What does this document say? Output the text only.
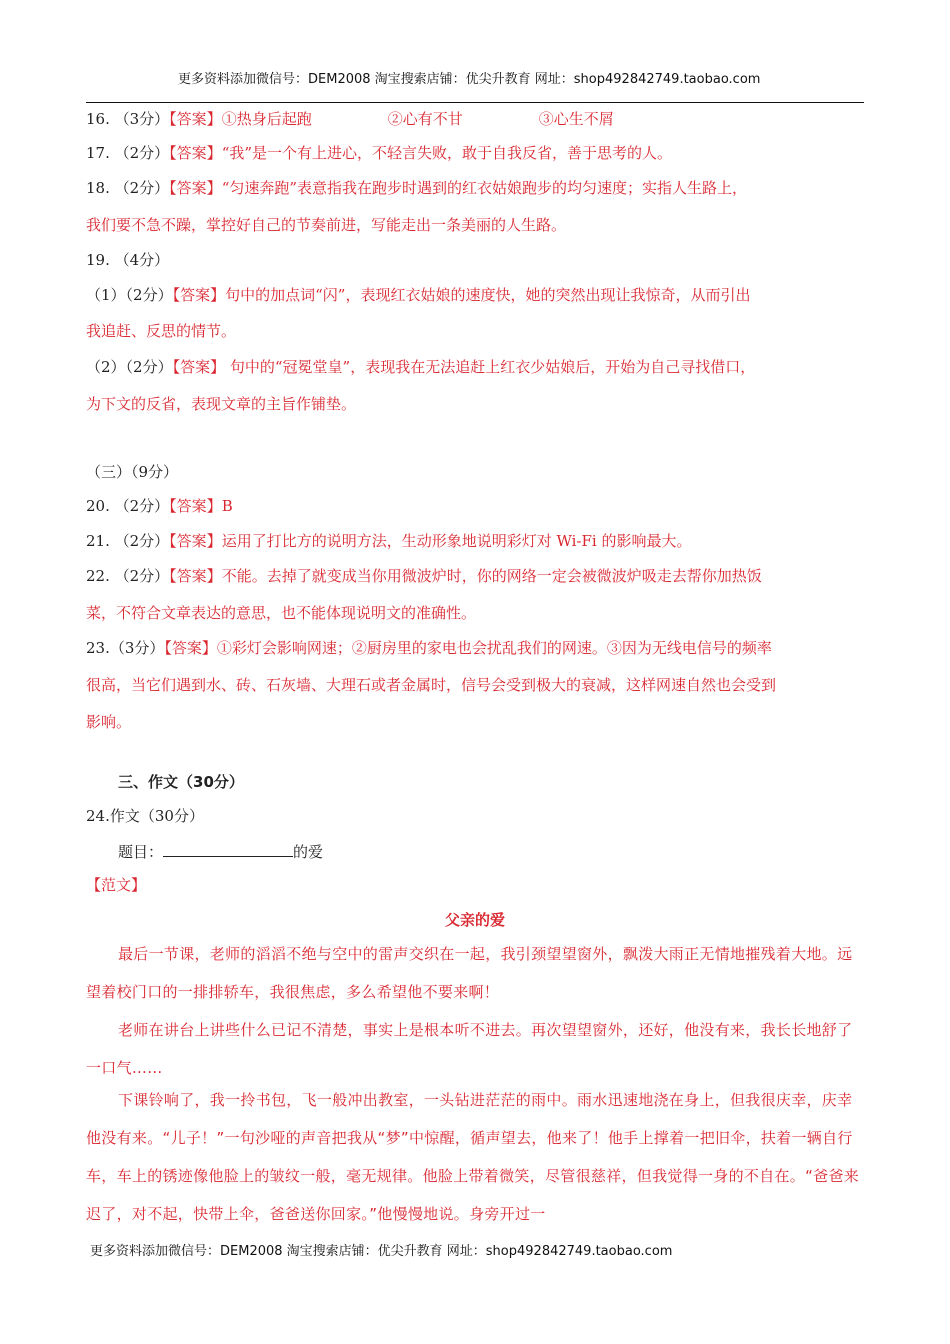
更多资料添加微信号：DEM2008 淘宝搜索店铺：优尖升教育 网址：shop492842749.taobao.com
16. （3分）【答案】①热身后起跑	②心有不甘	③心生不屑
17. （2分）【答案】“我”是一个有上进心，不轻言失败，敢于自我反省，善于思考的人。
18. （2分）【答案】“匀速奔跑”表意指我在跑步时遇到的红衣姑娘跑步的均匀速度；实指人生路上，
我们要不急不躁，掌控好自己的节奏前进，写能走出一条美丽的人生路。
19. （4分）
（1）（2分）【答案】句中的加点词“闪”，表现红衣姑娘的速度快，她的突然出现让我惊奇，从而引出
我追赶、反思的情节。
（2）（2分）【答案】 句中的“冠冕堂皇”，表现我在无法追赶上红衣少姑娘后，开始为自己寻找借口，
为下文的反省，表现文章的主旨作铺垫。
（三）（9分）
20. （2分）【答案】B
21. （2分）【答案】运用了打比方的说明方法，生动形象地说明彩灯对 Wi-Fi 的影响最大。
22. （2分）【答案】不能。去掉了就变成当你用微波炉时，你的网络一定会被微波炉吸走去帮你加热饭
菜，不符合文章表达的意思，也不能体现说明文的准确性。
23.（3分）【答案】①彩灯会影响网速；②厨房里的家电也会扰乱我们的网速。③因为无线电信号的频率
很高，当它们遇到水、砖、石灰墙、大理石或者金属时，信号会受到极大的衰减，这样网速自然也会受到
影响。
三、作文（30分）
24.作文（30分）
题目：	的爱
【范文】
父亲的爱
最后一节课，老师的滔滔不绝与空中的雷声交织在一起，我引颈望望窗外，飘泼大雨正无情地摧残着大地。远望着校门口的一排排轿车，我很焦虑，多么希望他不要来啊！
老师在讲台上讲些什么已记不清楚，事实上是根本听不进去。再次望望窗外，还好，他没有来，我长长地舒了一口气……
下课铃响了，我一拎书包，飞一般冲出教室，一头钻进茫茫的雨中。雨水迅速地浇在身上，但我很庆幸，庆幸他没有来。“儿子！”一句沙哑的声音把我从“梦”中惊醒，循声望去，他来了！他手上撑着一把旧伞，扶着一辆自行车，车上的锈迹像他脸上的皱纹一般，毫无规律。他脸上带着微笑，尽管很慈祥，但我觉得一身的不自在。“爸爸来迟了，对不起，快带上伞，爸爸送你回家。”他慢慢地说。身旁开过一
更多资料添加微信号：DEM2008 淘宝搜索店铺：优尖升教育 网址：shop492842749.taobao.com
